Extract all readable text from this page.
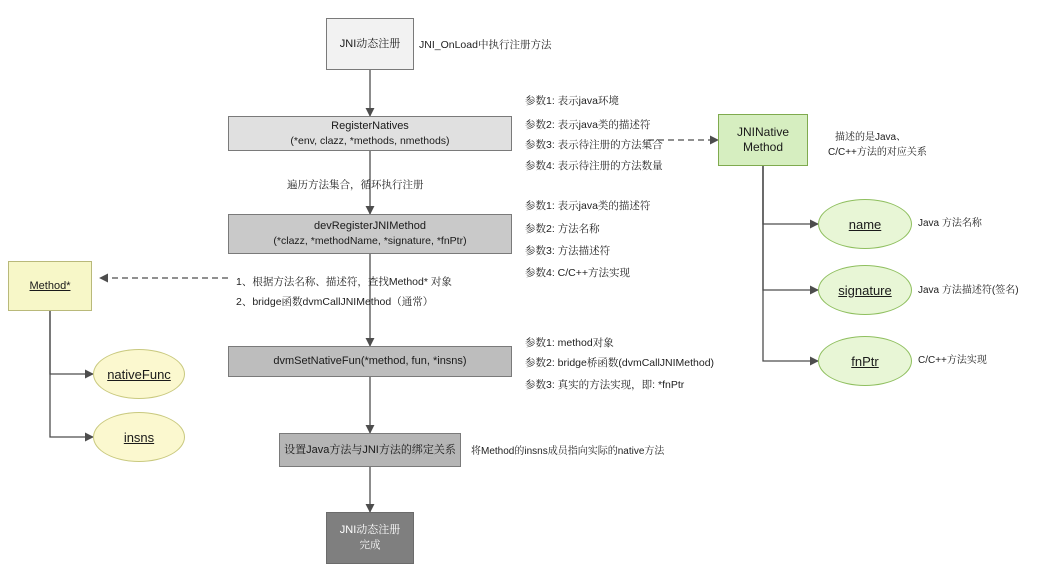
JNI动态注册
RegisterNatives
(*env, clazz, *methods, nmethods)
devRegisterJNIMethod
(*clazz, *methodName, *signature, *fnPtr)
dvmSetNativeFun(*method, fun, *insns)
设置Java方法与JNI方法的绑定关系
JNI动态注册
完成
Method*
nativeFunc
insns
JNINative
Method
name
signature
fnPtr
JNI_OnLoad中执行注册方法
参数1: 表示java环境
参数2: 表示java类的描述符
参数3: 表示待注册的方法集合
参数4: 表示待注册的方法数量
遍历方法集合，循环执行注册
参数1: 表示java类的描述符
参数2: 方法名称
参数3: 方法描述符
参数4: C/C++方法实现
描述的是Java、
C/C++方法的对应关系
Java 方法名称
Java 方法描述符(签名)
C/C++方法实现
1、根据方法名称、描述符，查找Method* 对象
2、bridge函数dvmCallJNIMethod（通常）
参数1: method对象
参数2: bridge桥函数(dvmCallJNIMethod)
参数3: 真实的方法实现，即: *fnPtr
将Method的insns成员指向实际的native方法
